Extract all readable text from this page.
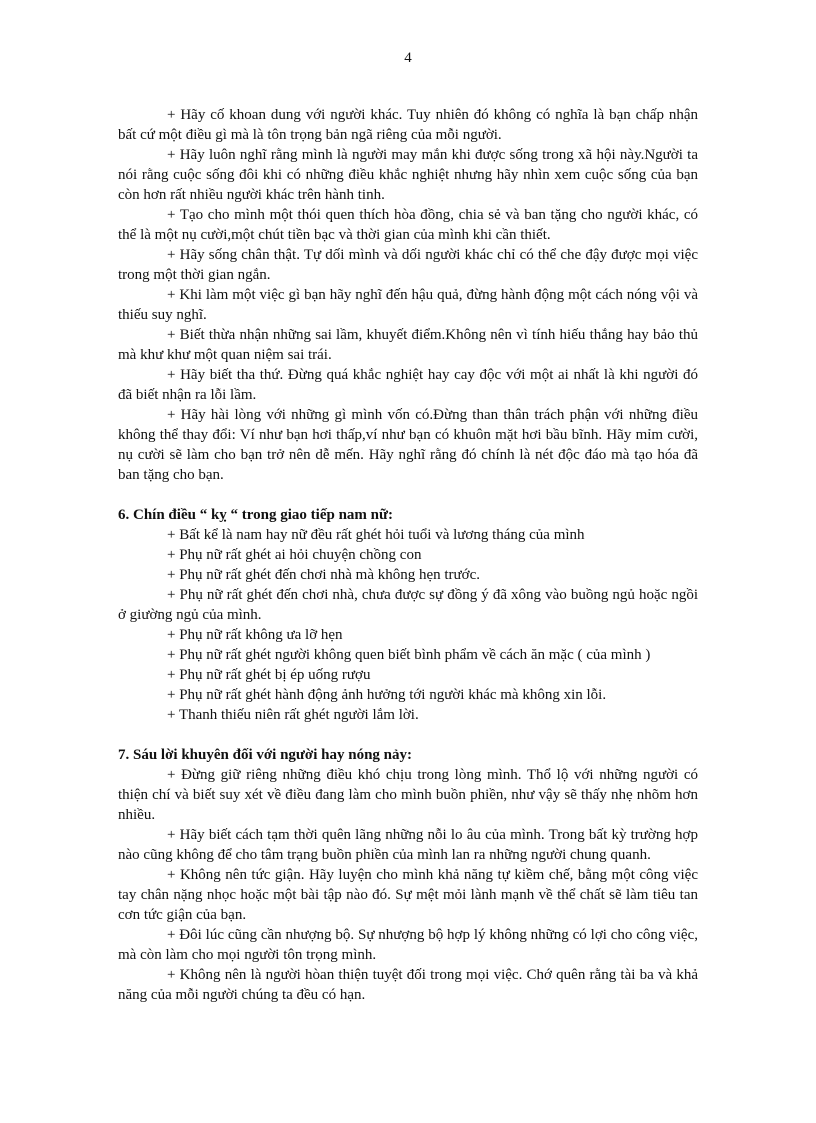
4

+ Hãy cố khoan dung với người khác. Tuy nhiên đó không có nghĩa là bạn chấp nhận bất cứ một điều gì mà là tôn trọng bản ngã riêng của mỗi người.

+ Hãy luôn nghĩ rằng mình là người may mắn khi được sống trong xã hội này.Người ta nói rằng cuộc sống đôi khi có những điều khắc nghiệt nhưng hãy nhìn xem cuộc sống của bạn còn hơn rất nhiều người khác trên hành tinh.

+ Tạo cho mình một thói quen thích hòa đồng, chia sẻ và ban tặng cho người khác, có thể là một nụ cười,một chút tiền bạc và thời gian của mình khi cần thiết.

+ Hãy sống chân thật. Tự dối mình và dối người khác chỉ có thể che đậy được mọi việc trong một thời gian ngắn.

+ Khi làm một việc gì bạn hãy nghĩ đến hậu quả, đừng hành động một cách nóng vội và thiếu suy nghĩ.

+ Biết thừa nhận những sai lầm, khuyết điểm.Không nên vì tính hiếu thắng hay bảo thủ mà khư khư một quan niệm sai trái.

+ Hãy biết tha thứ. Đừng quá khắc nghiệt hay cay độc với một ai nhất là khi người đó đã biết nhận ra lỗi lầm.

+ Hãy hài lòng với những gì mình vốn có.Đừng than thân trách phận với những điều không thể thay đổi: Ví như bạn hơi thấp,ví như bạn có khuôn mặt hơi bầu bĩnh. Hãy mỉm cười, nụ cười sẽ làm cho bạn trở nên dễ mến. Hãy nghĩ rằng đó chính là nét độc đáo mà tạo hóa đã ban tặng cho bạn.

6. Chín điều “ kỵ “ trong giao tiếp nam nữ:

+ Bất kể là nam hay nữ đều rất ghét hỏi tuổi và lương tháng của mình

+ Phụ nữ rất ghét ai hỏi chuyện chồng con

+ Phụ nữ rất ghét đến chơi nhà mà không hẹn trước.

+ Phụ nữ rất ghét đến chơi nhà, chưa được sự đồng ý đã xông vào buồng ngủ hoặc ngồi ở giường ngủ của mình.

+ Phụ nữ rất không ưa lỡ hẹn

+ Phụ nữ rất ghét người không quen biết bình phẩm về cách ăn mặc ( của mình )

+ Phụ nữ rất ghét bị ép uống rượu

+ Phụ nữ rất ghét hành động ảnh hưởng tới người khác mà không xin lỗi.

+ Thanh thiếu niên rất ghét người lắm lời.

7. Sáu lời khuyên đối với người hay nóng nảy:

+ Đừng giữ riêng những điều khó chịu trong lòng mình. Thổ lộ với những người có thiện chí và biết suy xét về điều đang làm cho mình buồn phiền, như vậy sẽ thấy nhẹ nhõm hơn nhiều.

+ Hãy biết cách tạm thời quên lãng những nỗi lo âu của mình. Trong bất kỳ trường hợp nào cũng không để cho tâm trạng buồn phiền của mình lan ra những người chung quanh.

+ Không nên tức giận. Hãy luyện cho mình khả năng tự kiềm chế, bằng một công việc tay chân nặng nhọc hoặc một bài tập nào đó. Sự mệt mỏi lành mạnh về thể chất sẽ làm tiêu tan cơn tức giận của bạn.

+ Đôi lúc cũng cần nhượng bộ. Sự nhượng bộ hợp lý không những có lợi cho công việc, mà còn làm cho mọi người tôn trọng mình.

+ Không nên là người hòan thiện tuyệt đối trong mọi việc. Chớ quên rằng tài ba và khả năng của mỗi người chúng ta đều có hạn.
